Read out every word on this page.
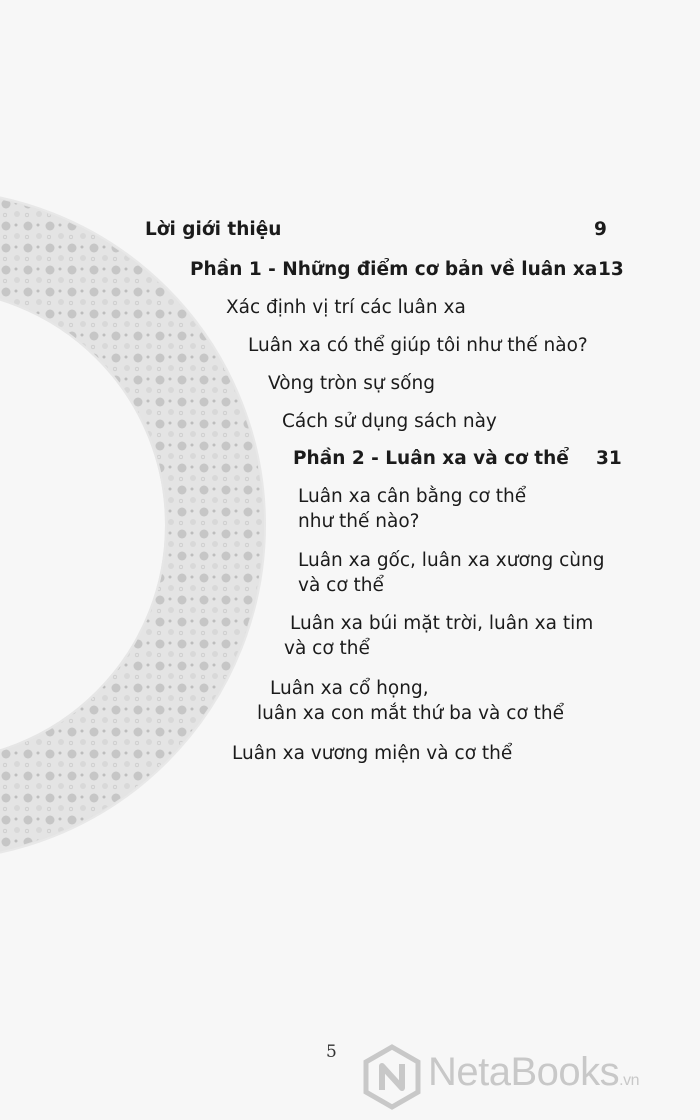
Lời giới thiệu	9
Phần 1 - Những điểm cơ bản về luân xa 13
Xác định vị trí các luân xa
Luân xa có thể giúp tôi như thế nào?
Vòng tròn sự sống
Cách sử dụng sách này
Phần 2 - Luân xa và cơ thể 31
Luân xa cân bằng cơ thể
như thế nào?
Luân xa gốc, luân xa xương cùng
và cơ thể
Luân xa búi mặt trời, luân xa tim
và cơ thể
Luân xa cổ họng,
luân xa con mắt thứ ba và cơ thể
Luân xa vương miện và cơ thể
5 NetaBooks.vn
